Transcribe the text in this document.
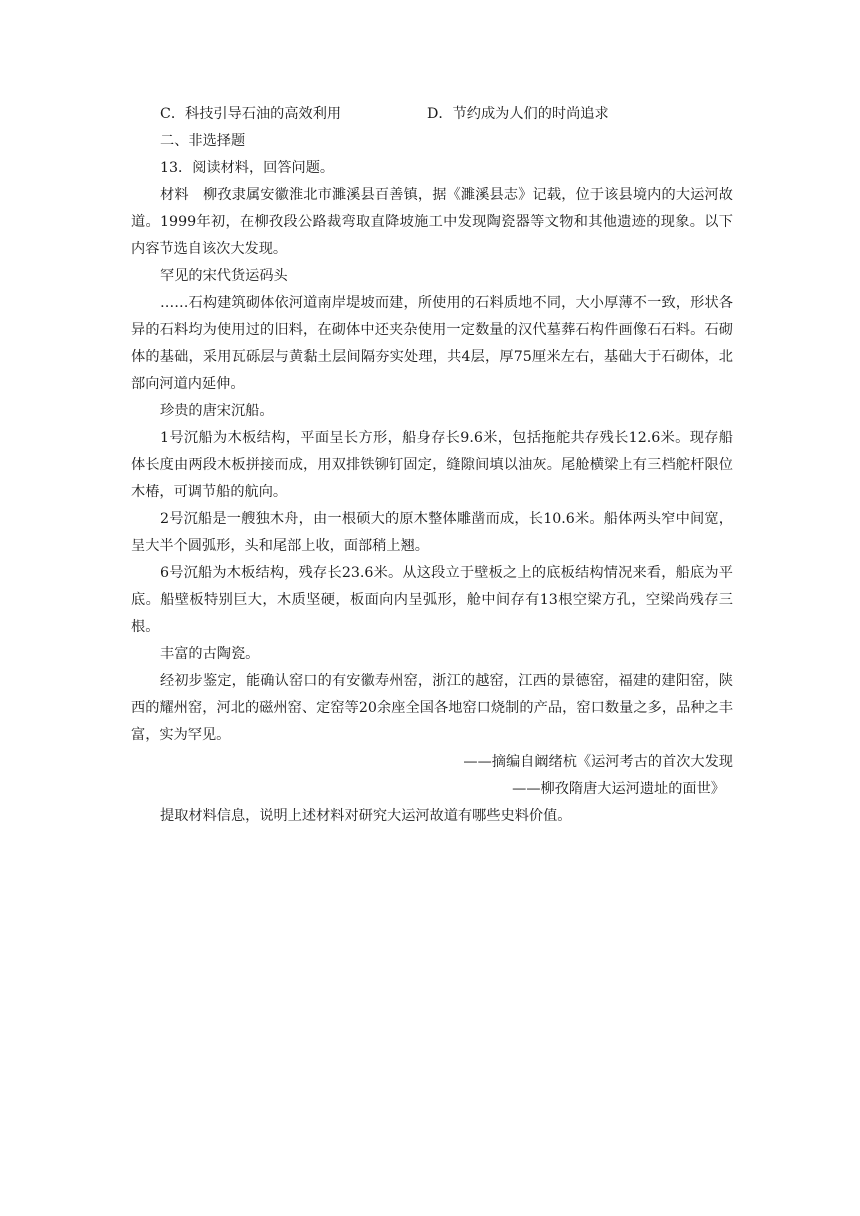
C．科技引导石油的高效利用	D．节约成为人们的时尚追求
二、非选择题
13．阅读材料，回答问题。
材料　柳孜隶属安徽淮北市濉溪县百善镇，据《濉溪县志》记载，位于该县境内的大运河故道。1999年初，在柳孜段公路裁弯取直降坡施工中发现陶瓷器等文物和其他遗迹的现象。以下内容节选自该次大发现。
罕见的宋代货运码头
……石构建筑砌体依河道南岸堤坡而建，所使用的石料质地不同，大小厚薄不一致，形状各异的石料均为使用过的旧料，在砌体中还夹杂使用一定数量的汉代墓葬石构件画像石石料。石砌体的基础，采用瓦砾层与黄黏土层间隔夯实处理，共4层，厚75厘米左右，基础大于石砌体，北部向河道内延伸。
珍贵的唐宋沉船。
1号沉船为木板结构，平面呈长方形，船身存长9.6米，包括拖舵共存残长12.6米。现存船体长度由两段木板拼接而成，用双排铁铆钉固定，缝隙间填以油灰。尾舱横梁上有三档舵杆限位木椿，可调节船的航向。
2号沉船是一艘独木舟，由一根硕大的原木整体雕凿而成，长10.6米。船体两头窄中间宽，呈大半个圆弧形，头和尾部上收，面部稍上翘。
6号沉船为木板结构，残存长23.6米。从这段立于壁板之上的底板结构情况来看，船底为平底。船壁板特别巨大，木质坚硬，板面向内呈弧形，舱中间存有13根空梁方孔，空梁尚残存三根。
丰富的古陶瓷。
经初步鉴定，能确认窑口的有安徽寿州窑，浙江的越窑，江西的景德窑，福建的建阳窑，陕西的耀州窑，河北的磁州窑、定窑等20余座全国各地窑口烧制的产品，窑口数量之多，品种之丰富，实为罕见。
——摘编自阚绪杭《运河考古的首次大发现
——柳孜隋唐大运河遗址的面世》
提取材料信息，说明上述材料对研究大运河故道有哪些史料价值。
